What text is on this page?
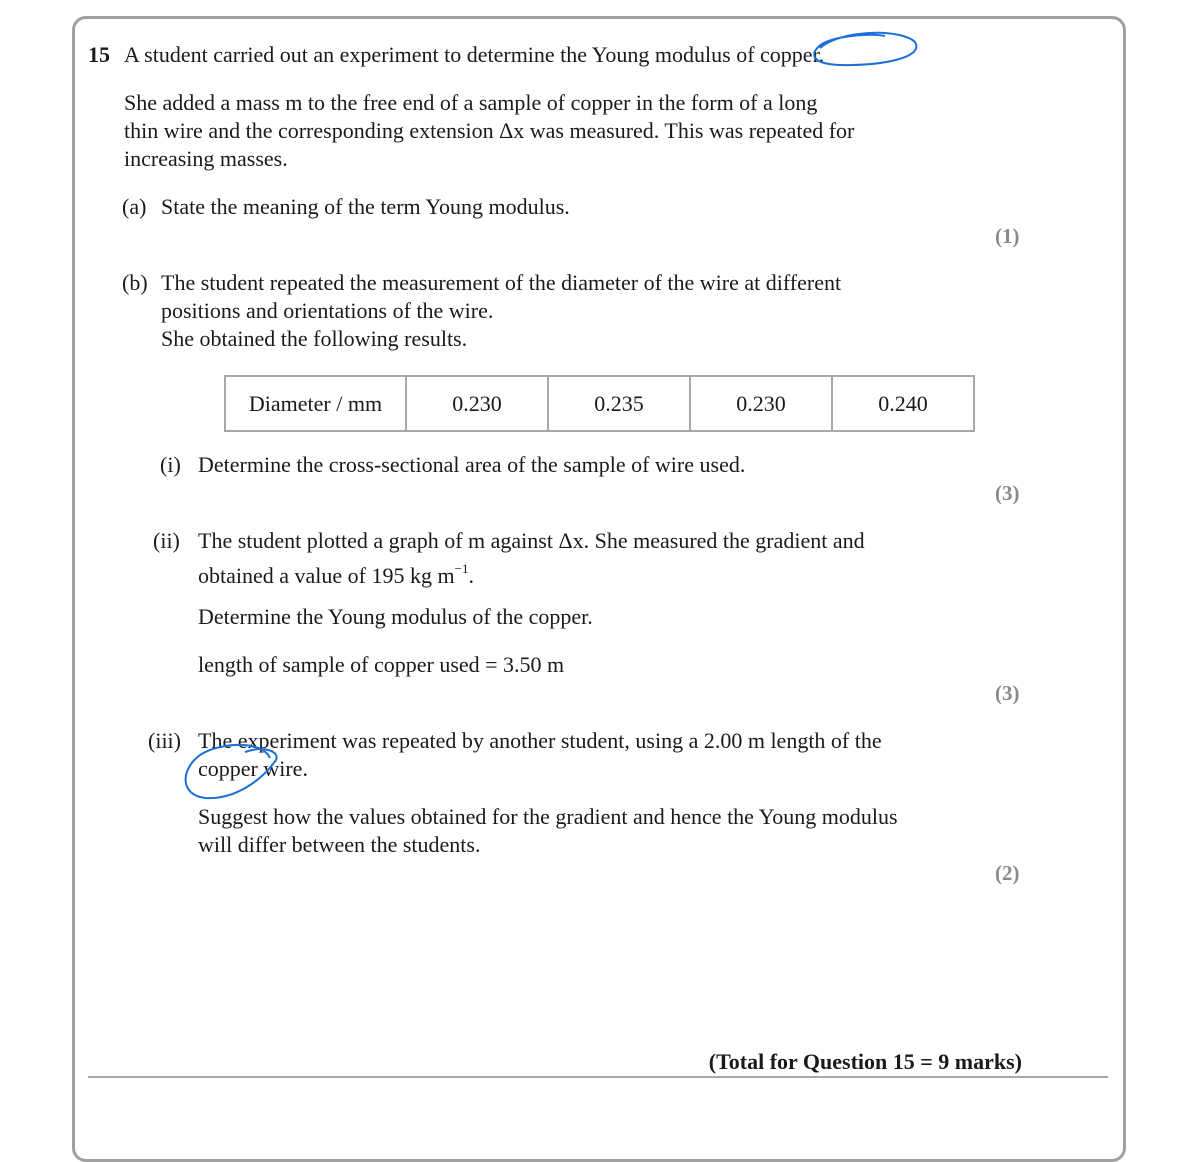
15 A student carried out an experiment to determine the Young modulus of copper.
She added a mass m to the free end of a sample of copper in the form of a long
thin wire and the corresponding extension Δx was measured. This was repeated for
increasing masses.
(a) State the meaning of the term Young modulus.
(1)
(b) The student repeated the measurement of the diameter of the wire at different
positions and orientations of the wire.
She obtained the following results.
Diameter / mm	0.230	0.235	0.230	0.240
(i) Determine the cross-sectional area of the sample of wire used.
(3)
(ii) The student plotted a graph of m against Δx. She measured the gradient and
obtained a value of 195 kg $m^{-1}$.
Determine the Young modulus of the copper.
length of sample of copper used = 3.50 m
(3)
(iii) The experiment was repeated by another student, using a 2.00 m length of the
copper wire.
Suggest how the values obtained for the gradient and hence the Young modulus
will differ between the students.
(2)
(Total for Question 15 = 9 marks)
